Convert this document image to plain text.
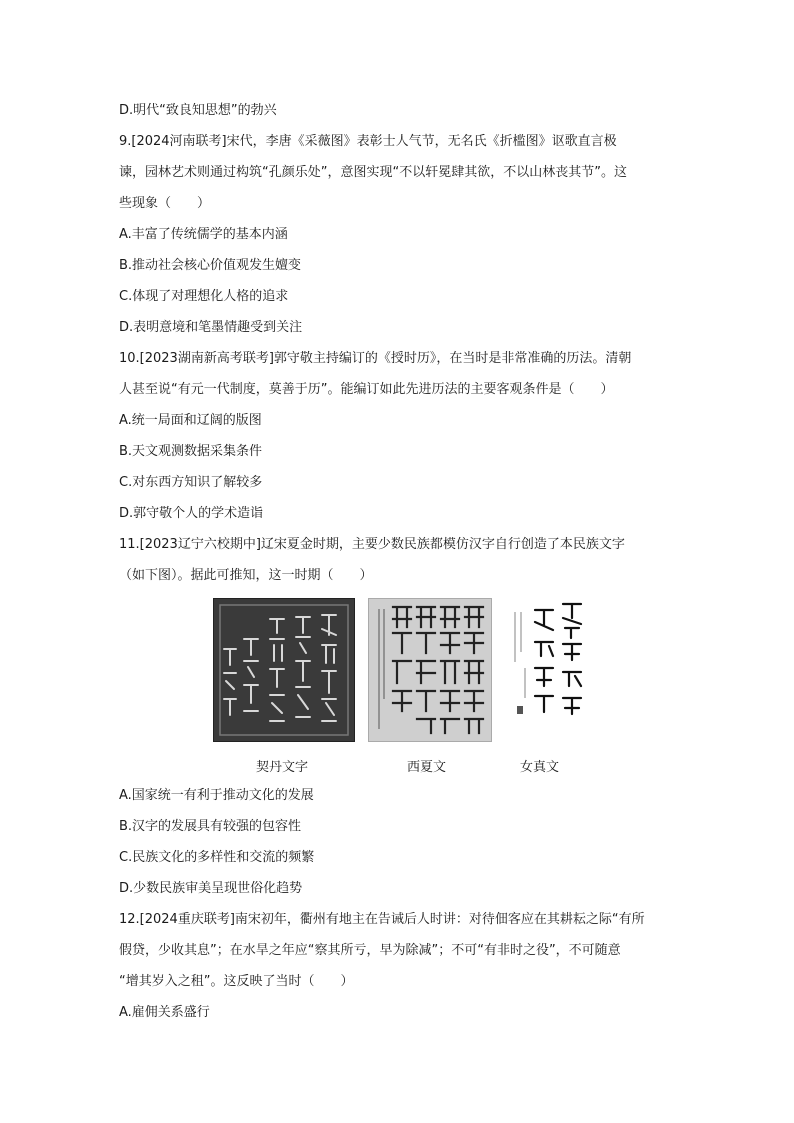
D.明代“致良知思想”的勃兴
9.[2024河南联考]宋代，李唐《采薇图》表彰士人气节，无名氏《折槛图》讴歌直言极
谏，园林艺术则通过构筑“孔颜乐处”，意图实现“不以轩冕肆其欲，不以山林丧其节”。这
些现象（　　）
A.丰富了传统儒学的基本内涵
B.推动社会核心价值观发生嬗变
C.体现了对理想化人格的追求
D.表明意境和笔墨情趣受到关注
10.[2023湖南新高考联考]郭守敬主持编订的《授时历》，在当时是非常准确的历法。清朝
人甚至说“有元一代制度，莫善于历”。能编订如此先进历法的主要客观条件是（　　）
A.统一局面和辽阔的版图
B.天文观测数据采集条件
C.对东西方知识了解较多
D.郭守敬个人的学术造诣
11.[2023辽宁六校期中]辽宋夏金时期，主要少数民族都模仿汉字自行创造了本民族文字
（如下图）。据此可推知，这一时期（　　）
A.国家统一有利于推动文化的发展
B.汉字的发展具有较强的包容性
C.民族文化的多样性和交流的频繁
D.少数民族审美呈现世俗化趋势
12.[2024重庆联考]南宋初年，衢州有地主在告诫后人时讲：对待佃客应在其耕耘之际“有所
假贷，少收其息”；在水旱之年应“察其所亏，早为除减”；不可“有非时之役”，不可随意
“增其岁入之租”。这反映了当时（　　）
A.雇佣关系盛行
契丹文字	西夏文	女真文
